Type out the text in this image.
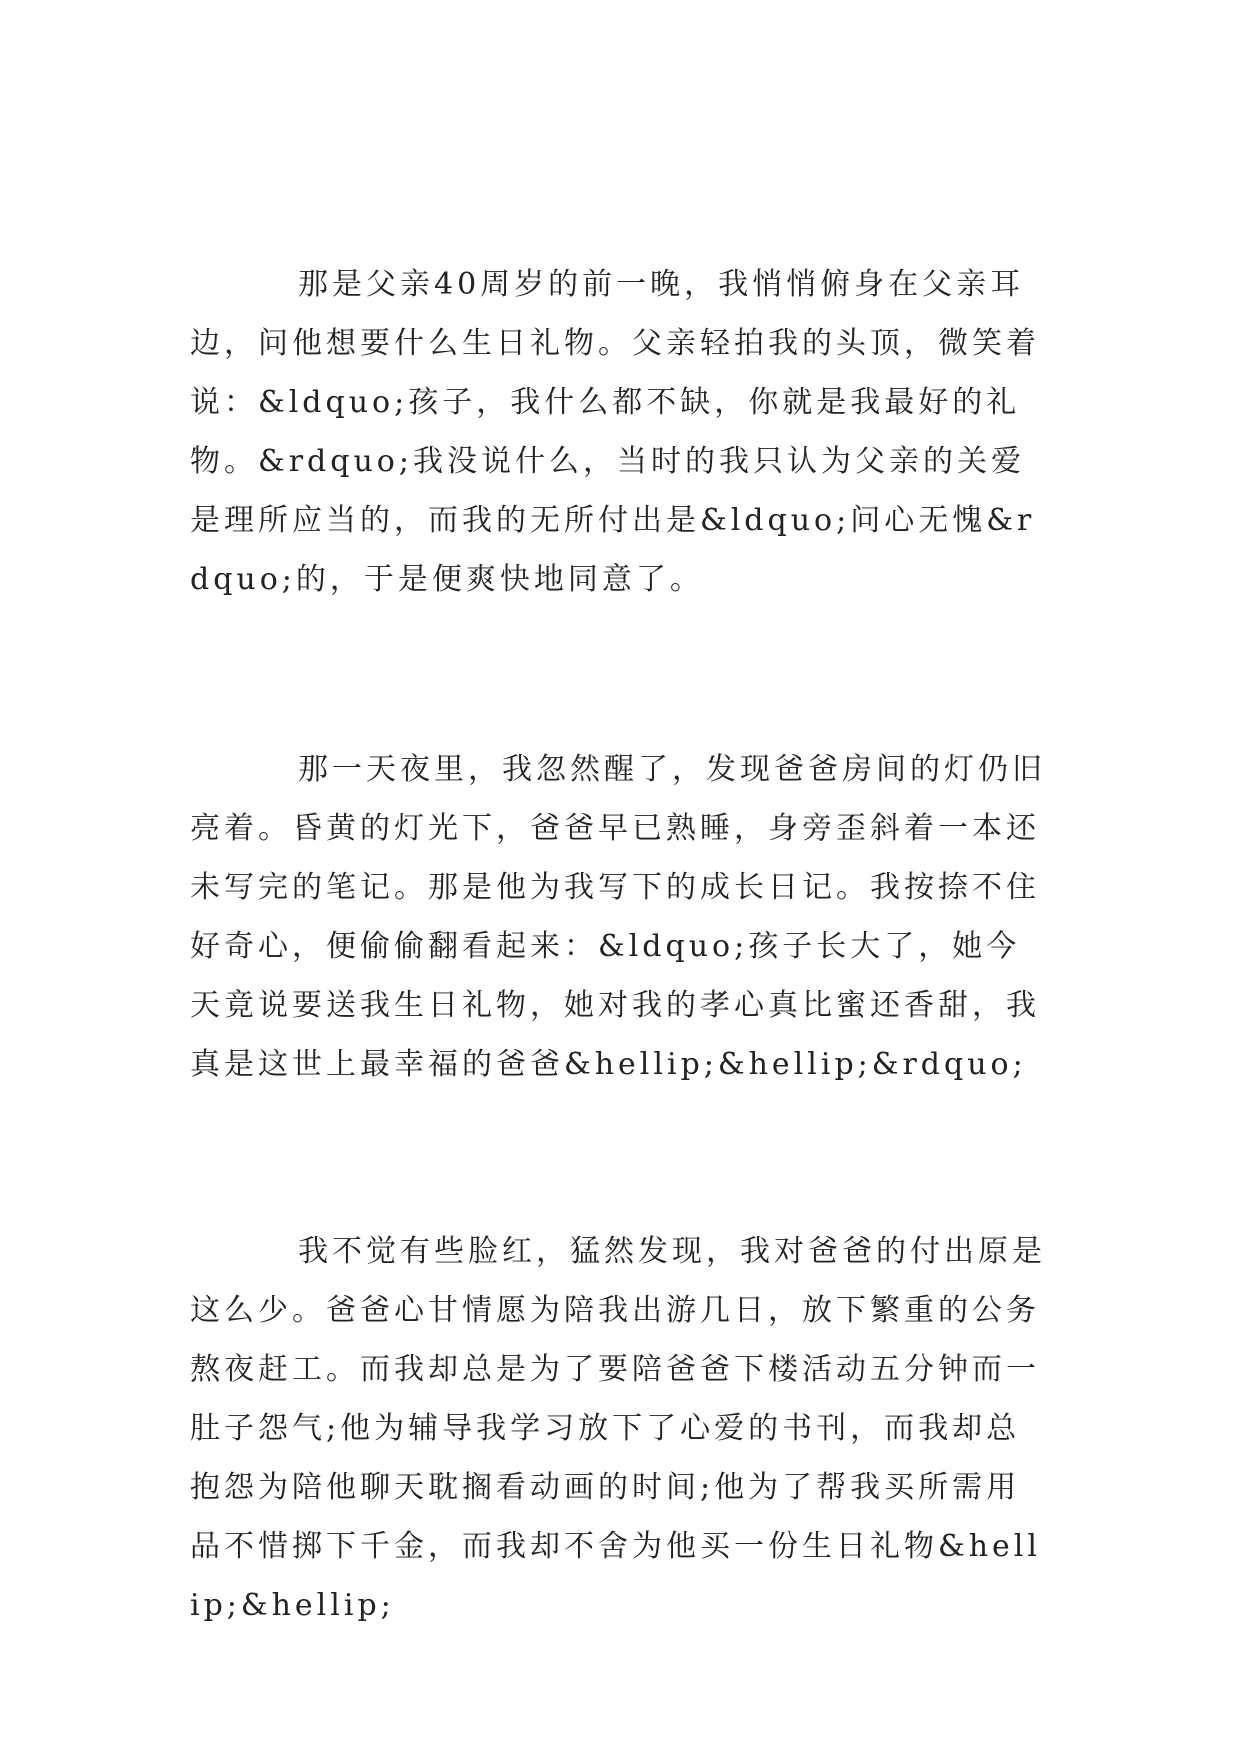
那是父亲40周岁的前一晚，我悄悄俯身在父亲耳边，问他想要什么生日礼物。父亲轻拍我的头顶，微笑着说：&ldquo;孩子，我什么都不缺，你就是我最好的礼物。&rdquo;我没说什么，当时的我只认为父亲的关爱是理所应当的，而我的无所付出是&ldquo;问心无愧&rdquo;的，于是便爽快地同意了。

那一天夜里，我忽然醒了，发现爸爸房间的灯仍旧亮着。昏黄的灯光下，爸爸早已熟睡，身旁歪斜着一本还未写完的笔记。那是他为我写下的成长日记。我按捺不住好奇心，便偷偷翻看起来：&ldquo;孩子长大了，她今天竟说要送我生日礼物，她对我的孝心真比蜜还香甜，我真是这世上最幸福的爸爸&hellip;&hellip;&rdquo;

我不觉有些脸红，猛然发现，我对爸爸的付出原是这么少。爸爸心甘情愿为陪我出游几日，放下繁重的公务熬夜赶工。而我却总是为了要陪爸爸下楼活动五分钟而一肚子怨气;他为辅导我学习放下了心爱的书刊，而我却总抱怨为陪他聊天耽搁看动画的时间;他为了帮我买所需用品不惜掷下千金，而我却不舍为他买一份生日礼物&hellip;&hellip;
